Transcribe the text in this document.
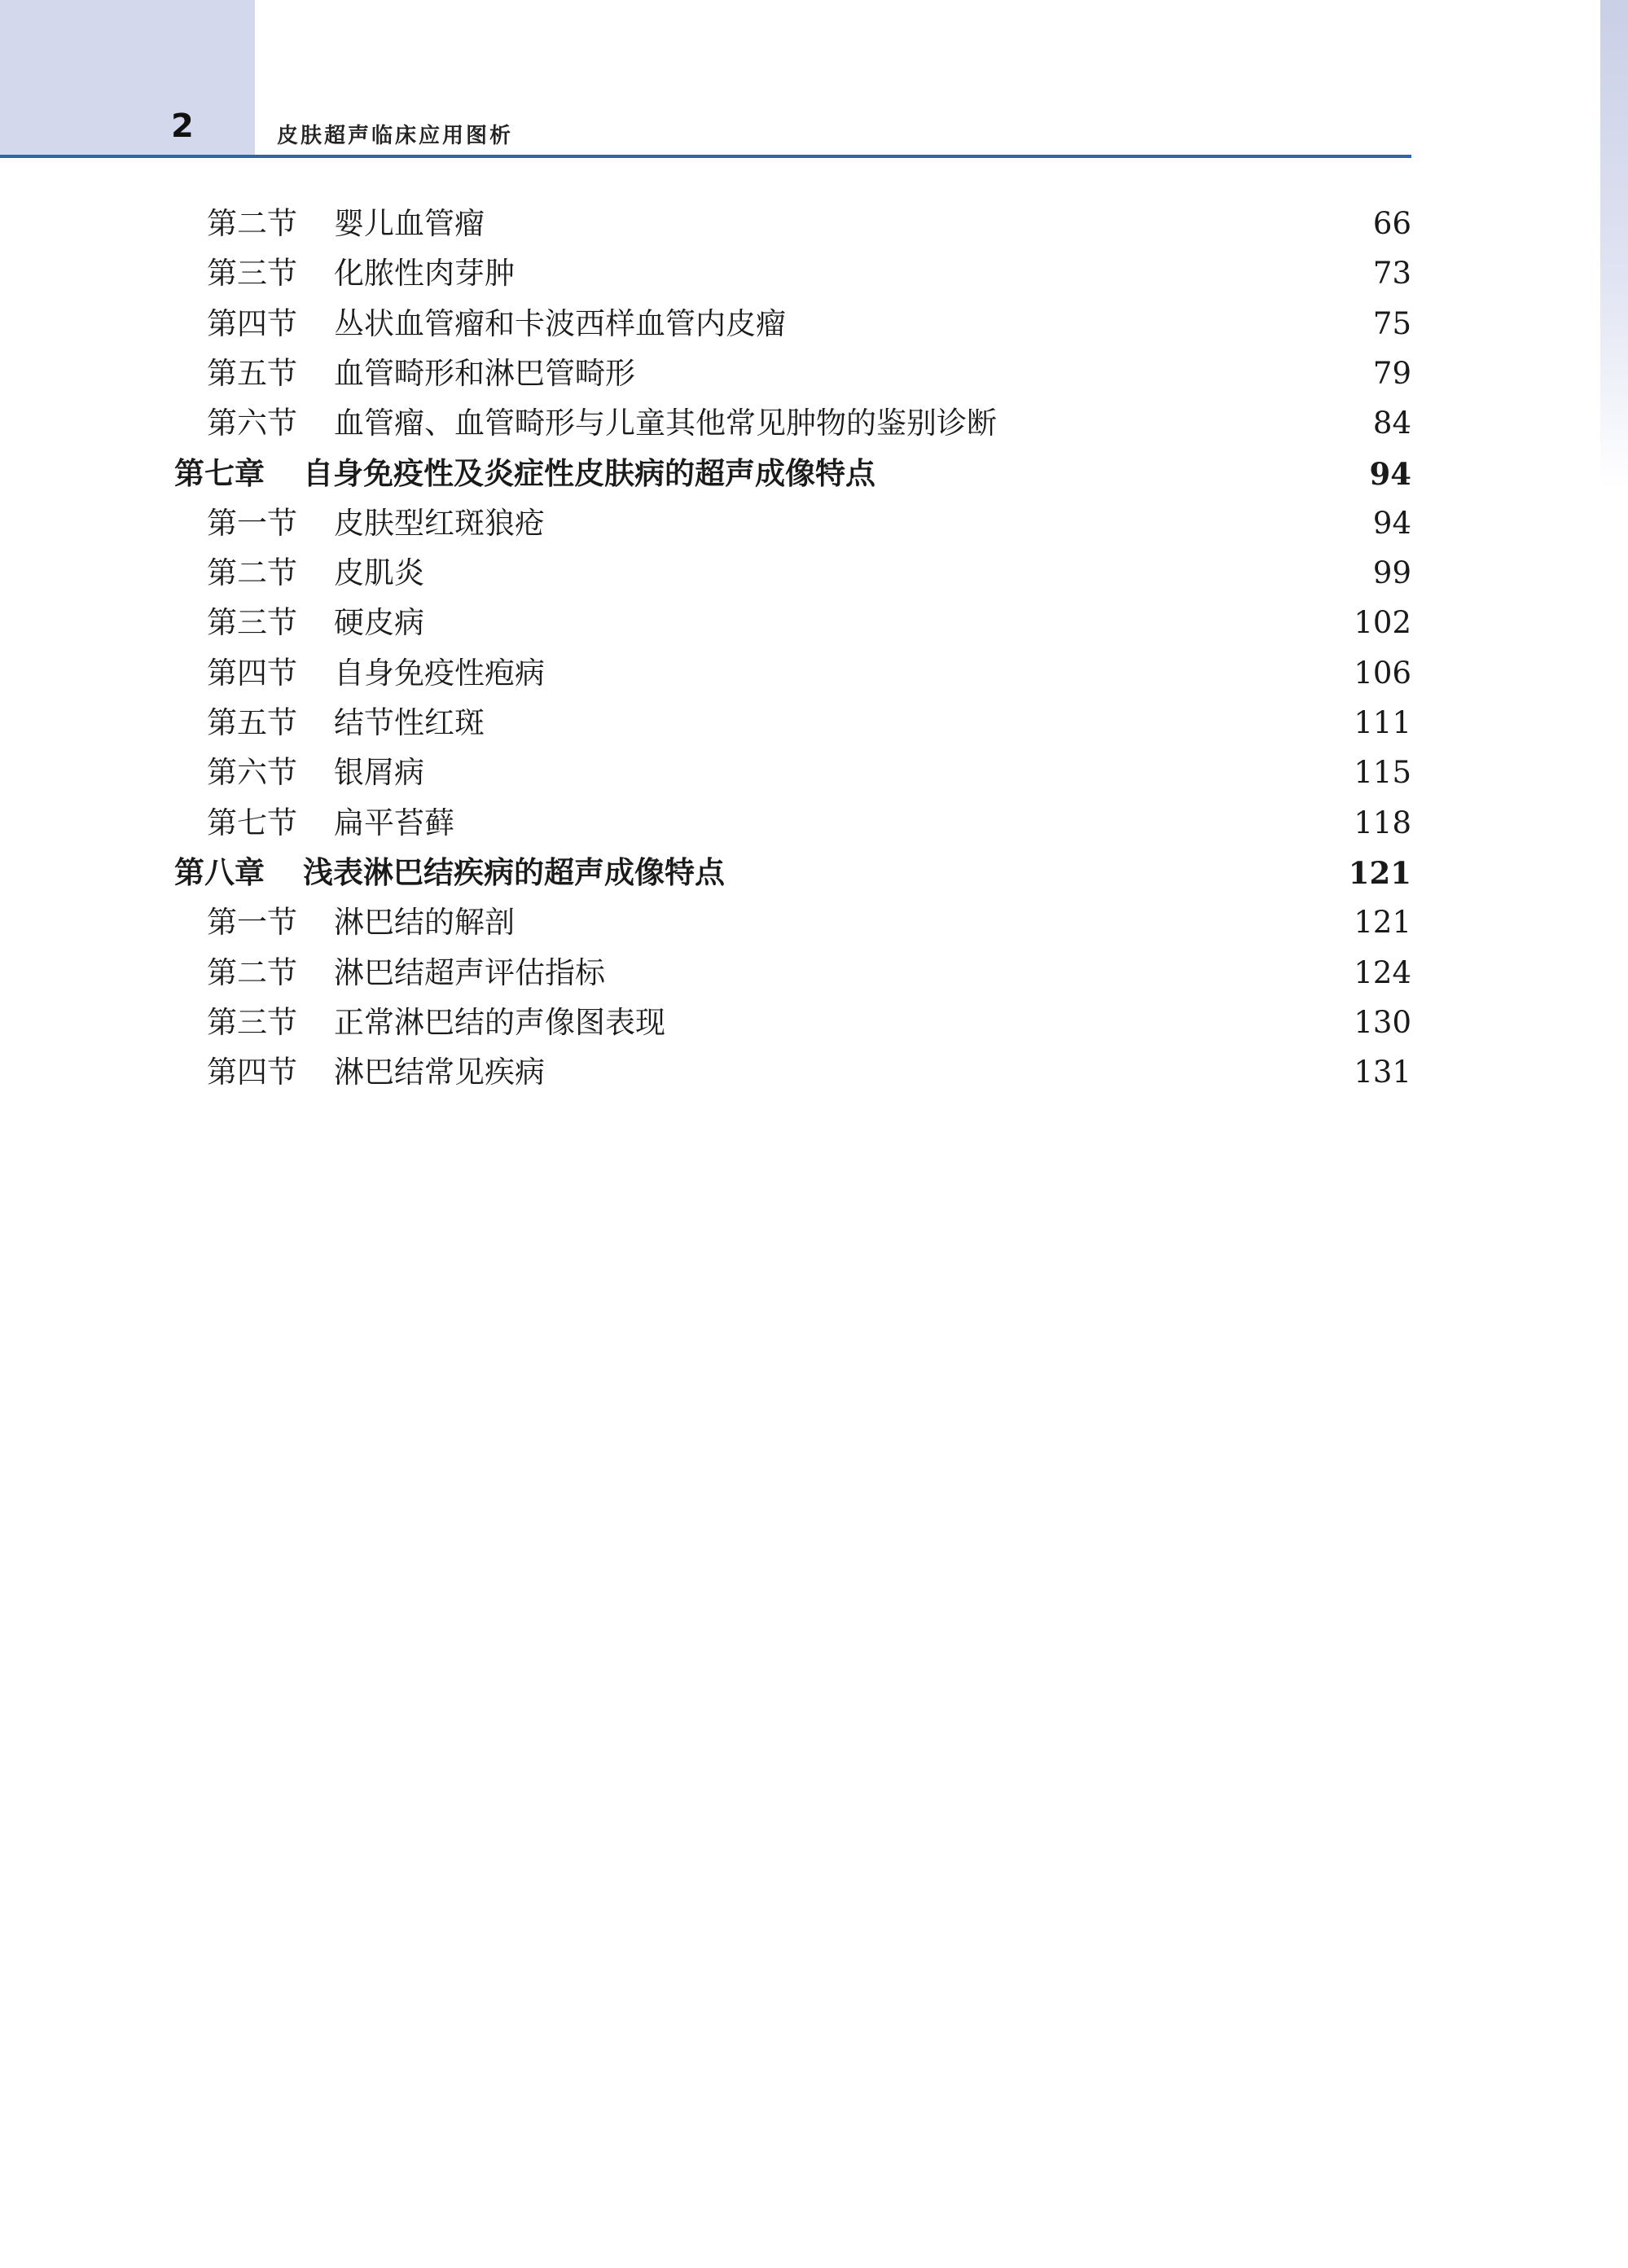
2	皮肤超声临床应用图析
第二节 婴儿血管瘤	66
第三节 化脓性肉芽肿	73
第四节 丛状血管瘤和卡波西样血管内皮瘤	75
第五节 血管畸形和淋巴管畸形	79
第六节 血管瘤、血管畸形与儿童其他常见肿物的鉴别诊断	84
第七章 自身免疫性及炎症性皮肤病的超声成像特点	94
第一节 皮肤型红斑狼疮	94
第二节 皮肌炎	99
第三节 硬皮病	102
第四节 自身免疫性疱病	106
第五节 结节性红斑	111
第六节 银屑病	115
第七节 扁平苔藓	118
第八章 浅表淋巴结疾病的超声成像特点	121
第一节 淋巴结的解剖	121
第二节 淋巴结超声评估指标	124
第三节 正常淋巴结的声像图表现	130
第四节 淋巴结常见疾病	131
